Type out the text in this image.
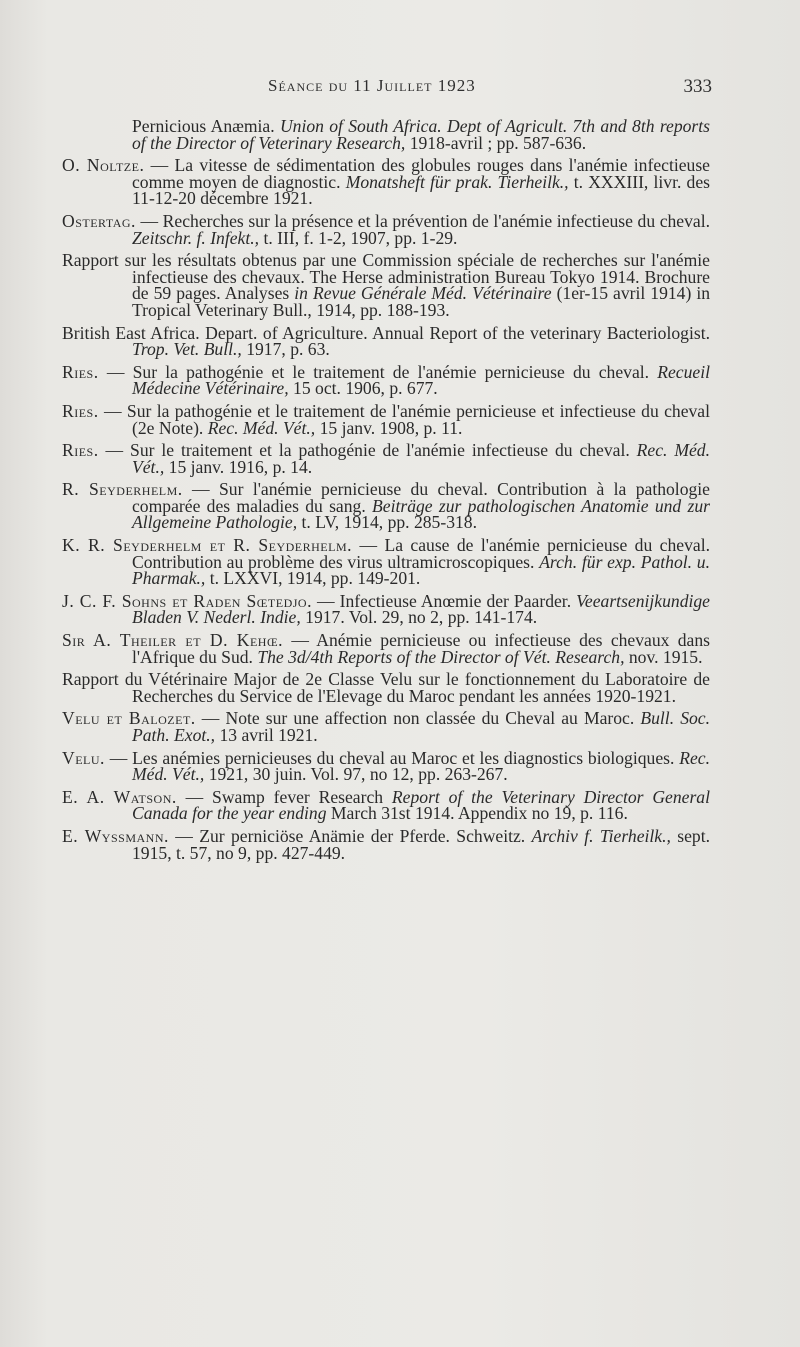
Séance du 11 Juillet 1923	333

Pernicious Anæmia. Union of South Africa. Dept of Agricult. 7th and 8th reports of the Director of Veterinary Research, 1918-avril ; pp. 587-636.

O. Noltze. — La vitesse de sédimentation des globules rouges dans l'anémie infectieuse comme moyen de diagnostic. Monatsheft für prak. Tierheilk., t. XXXIII, livr. des 11-12-20 décembre 1921.

Ostertag. — Recherches sur la présence et la prévention de l'anémie infectieuse du cheval. Zeitschr. f. Infekt., t. III, f. 1-2, 1907, pp. 1-29.

Rapport sur les résultats obtenus par une Commission spéciale de recherches sur l'anémie infectieuse des chevaux. The Herse administration Bureau Tokyo 1914. Brochure de 59 pages. Analyses in Revue Générale Méd. Vétérinaire (1er-15 avril 1914) in Tropical Veterinary Bull., 1914, pp. 188-193.

British East Africa. Depart. of Agriculture. Annual Report of the veterinary Bacteriologist. Trop. Vet. Bull., 1917, p. 63.

Ries. — Sur la pathogénie et le traitement de l'anémie pernicieuse du cheval. Recueil Médecine Vétérinaire, 15 oct. 1906, p. 677.

Ries. — Sur la pathogénie et le traitement de l'anémie pernicieuse et infectieuse du cheval (2e Note). Rec. Méd. Vét., 15 janv. 1908, p. 11.

Ries. — Sur le traitement et la pathogénie de l'anémie infectieuse du cheval. Rec. Méd. Vét., 15 janv. 1916, p. 14.

R. Seyderhelm. — Sur l'anémie pernicieuse du cheval. Contribution à la pathologie comparée des maladies du sang. Beiträge zur pathologischen Anatomie und zur Allgemeine Pathologie, t. LV, 1914, pp. 285-318.

K. R. Seyderhelm et R. Seyderhelm. — La cause de l'anémie pernicieuse du cheval. Contribution au problème des virus ultramicroscopiques. Arch. für exp. Pathol. u. Pharmak., t. LXXVI, 1914, pp. 149-201.

J. C. F. Sohns et Raden Sœtedjo. — Infectieuse Anœmie der Paarder. Veeartsenijkundige Bladen V. Nederl. Indie, 1917. Vol. 29, no 2, pp. 141-174.

Sir A. Theiler et D. Kehœ. — Anémie pernicieuse ou infectieuse des chevaux dans l'Afrique du Sud. The 3d/4th Reports of the Director of Vét. Research, nov. 1915.

Rapport du Vétérinaire Major de 2e Classe Velu sur le fonctionnement du Laboratoire de Recherches du Service de l'Elevage du Maroc pendant les années 1920-1921.

Velu et Balozet. — Note sur une affection non classée du Cheval au Maroc. Bull. Soc. Path. Exot., 13 avril 1921.

Velu. — Les anémies pernicieuses du cheval au Maroc et les diagnostics biologiques. Rec. Méd. Vét., 1921, 30 juin. Vol. 97, no 12, pp. 263-267.

E. A. Watson. — Swamp fever Research Report of the Veterinary Director General Canada for the year ending March 31st 1914. Appendix no 19, p. 116.

E. Wyssmann. — Zur perniciöse Anämie der Pferde. Schweitz. Archiv f. Tierheilk., sept. 1915, t. 57, no 9, pp. 427-449.
